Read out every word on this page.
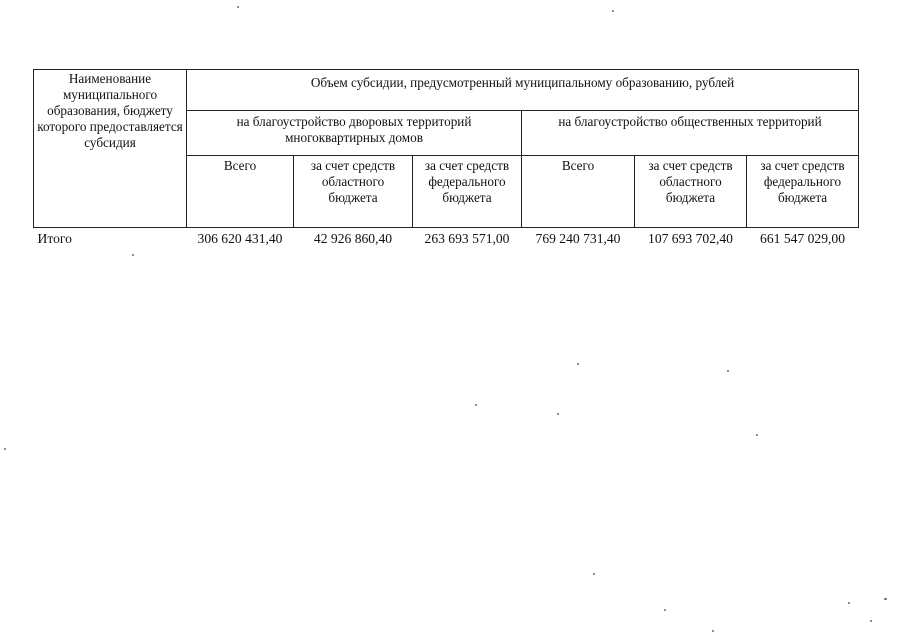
Наименование муниципального образования, бюджету которого предоставляется субсидия	Объем субсидии, предусмотренный муниципальному образованию, рублей					
	на благоустройство дворовых территорий многоквартирных домов			на благоустройство общественных территорий		
	Всего	за счет средств областного бюджета	за счет средств федерального бюджета	Всего	за счет средств областного бюджета	за счет средств федерального бюджета
Итого	306 620 431,40	42 926 860,40	263 693 571,00	769 240 731,40	107 693 702,40	661 547 029,00
